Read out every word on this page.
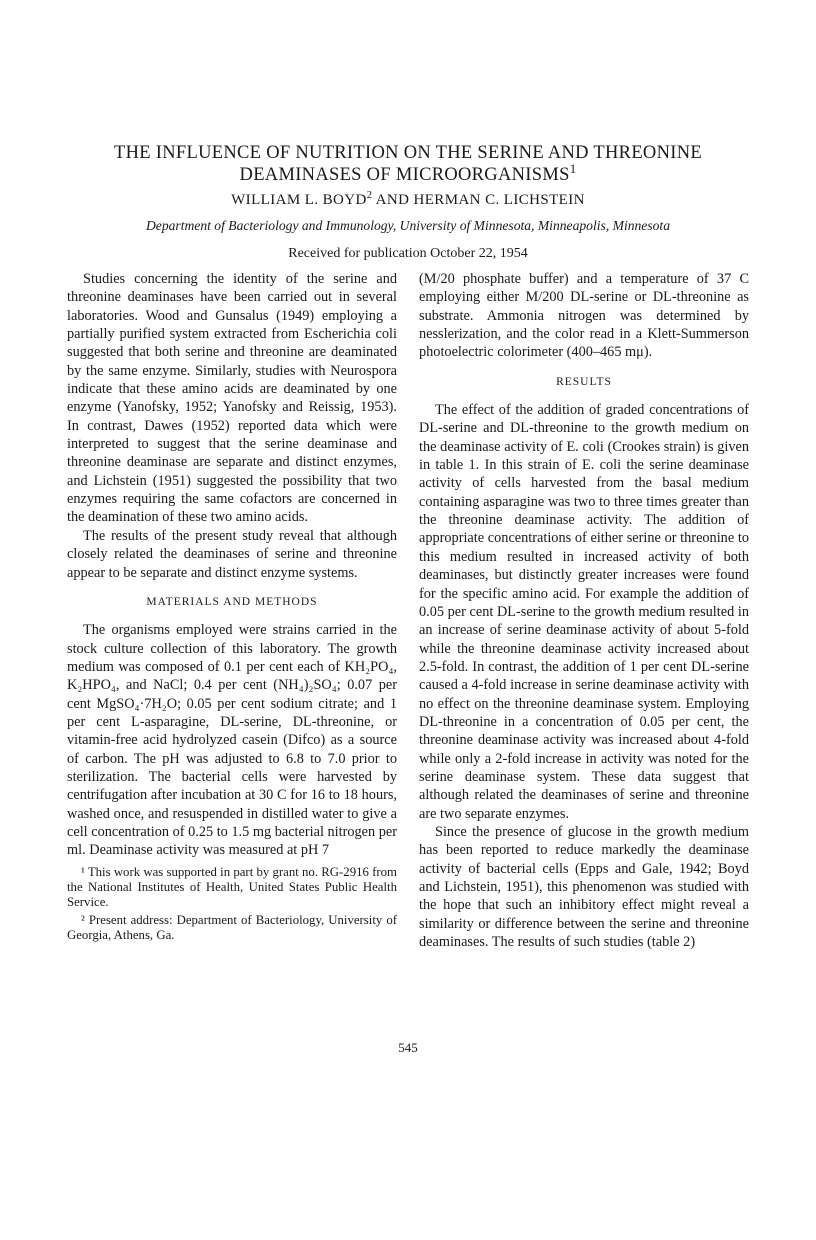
THE INFLUENCE OF NUTRITION ON THE SERINE AND THREONINE
DEAMINASES OF MICROORGANISMS$^1$
WILLIAM L. BOYD$^2$ AND HERMAN C. LICHSTEIN
Department of Bacteriology and Immunology, University of Minnesota, Minneapolis, Minnesota
Received for publication October 22, 1954

Studies concerning the identity of the serine and threonine deaminases have been carried out in several laboratories. Wood and Gunsalus (1949) employing a partially purified system extracted from Escherichia coli suggested that both serine and threonine are deaminated by the same enzyme. Similarly, studies with Neurospora indicate that these amino acids are deaminated by one enzyme (Yanofsky, 1952; Yanofsky and Reissig, 1953). In contrast, Dawes (1952) reported data which were interpreted to suggest that the serine deaminase and threonine deaminase are separate and distinct enzymes, and Lichstein (1951) suggested the possibility that two enzymes requiring the same cofactors are concerned in the deamination of these two amino acids.

The results of the present study reveal that although closely related the deaminases of serine and threonine appear to be separate and distinct enzyme systems.

MATERIALS AND METHODS

The organisms employed were strains carried in the stock culture collection of this laboratory. The growth medium was composed of 0.1 per cent each of KH₂PO₄, K₂HPO₄, and NaCl; 0.4 per cent (NH₄)₂SO₄; 0.07 per cent MgSO₄·7H₂O; 0.05 per cent sodium citrate; and 1 per cent L-asparagine, DL-serine, DL-threonine, or vitamin-free acid hydrolyzed casein (Difco) as a source of carbon. The pH was adjusted to 6.8 to 7.0 prior to sterilization. The bacterial cells were harvested by centrifugation after incubation at 30 C for 16 to 18 hours, washed once, and resuspended in distilled water to give a cell concentration of 0.25 to 1.5 mg bacterial nitrogen per ml. Deaminase activity was measured at pH 7

¹ This work was supported in part by grant no. RG-2916 from the National Institutes of Health, United States Public Health Service.

² Present address: Department of Bacteriology, University of Georgia, Athens, Ga.

(M/20 phosphate buffer) and a temperature of 37 C employing either M/200 DL-serine or DL-threonine as substrate. Ammonia nitrogen was determined by nesslerization, and the color read in a Klett-Summerson photoelectric colorimeter (400–465 mμ).

RESULTS

The effect of the addition of graded concentrations of DL-serine and DL-threonine to the growth medium on the deaminase activity of E. coli (Crookes strain) is given in table 1. In this strain of E. coli the serine deaminase activity of cells harvested from the basal medium containing asparagine was two to three times greater than the threonine deaminase activity. The addition of appropriate concentrations of either serine or threonine to this medium resulted in increased activity of both deaminases, but distinctly greater increases were found for the specific amino acid. For example the addition of 0.05 per cent DL-serine to the growth medium resulted in an increase of serine deaminase activity of about 5-fold while the threonine deaminase activity increased about 2.5-fold. In contrast, the addition of 1 per cent DL-serine caused a 4-fold increase in serine deaminase activity with no effect on the threonine deaminase system. Employing DL-threonine in a concentration of 0.05 per cent, the threonine deaminase activity was increased about 4-fold while only a 2-fold increase in activity was noted for the serine deaminase system. These data suggest that although related the deaminases of serine and threonine are two separate enzymes.

Since the presence of glucose in the growth medium has been reported to reduce markedly the deaminase activity of bacterial cells (Epps and Gale, 1942; Boyd and Lichstein, 1951), this phenomenon was studied with the hope that such an inhibitory effect might reveal a similarity or difference between the serine and threonine deaminases. The results of such studies (table 2)

545
